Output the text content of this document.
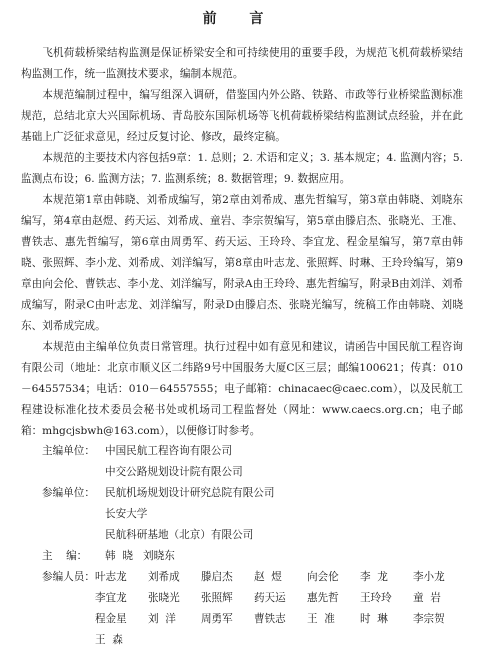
前 言

飞机荷载桥梁结构监测是保证桥梁安全和可持续使用的重要手段，为规范飞机荷载桥梁结构监测工作，统一监测技术要求，编制本规范。

本规范编制过程中，编写组深入调研，借鉴国内外公路、铁路、市政等行业桥梁监测标准规范，总结北京大兴国际机场、青岛胶东国际机场等飞机荷载桥梁结构监测试点经验，并在此基础上广泛征求意见，经过反复讨论、修改，最终定稿。

本规范的主要技术内容包括9章：1. 总则；2. 术语和定义；3. 基本规定；4. 监测内容；5. 监测点布设；6. 监测方法；7. 监测系统；8. 数据管理；9. 数据应用。

本规范第1章由韩晓、刘希成编写，第2章由刘希成、惠先哲编写，第3章由韩晓、刘晓东编写，第4章由赵煜、药天运、刘希成、童岩、李宗贺编写，第5章由滕启杰、张晓光、王准、曹铁志、惠先哲编写，第6章由周勇军、药天运、王玲玲、李宜龙、程金星编写，第7章由韩晓、张照辉、李小龙、刘希成、刘洋编写，第8章由叶志龙、张照辉、时琳、王玲玲编写，第9章由向会伦、曹铁志、李小龙、刘洋编写，附录A由王玲玲、惠先哲编写，附录B由刘洋、刘希成编写，附录C由叶志龙、刘洋编写，附录D由滕启杰、张晓光编写，统稿工作由韩晓、刘晓东、刘希成完成。

本规范由主编单位负责日常管理。执行过程中如有意见和建议，请函告中国民航工程咨询有限公司（地址：北京市顺义区二纬路9号中国服务大厦C区三层；邮编100621；传真：010－64557534；电话：010－64557555；电子邮箱：chinacaec@caec.com），以及民航工程建设标准化技术委员会秘书处或机场司工程监督处（网址：www.caecs.org.cn；电子邮箱：mhgcjsbwh@163.com），以便修订时参考。

主编单位： 中国民航工程咨询有限公司
中交公路规划设计院有限公司
参编单位： 民航机场规划设计研究总院有限公司
长安大学
民航科研基地（北京）有限公司
主    编：	韩  晓   刘晓东
参编人员： 叶志龙 刘希成 滕启杰 赵  煜 向会伦 李  龙 李小龙
李宜龙 张晓光 张照辉 药天运 惠先哲 王玲玲 童  岩
程金星 刘  洋 周勇军 曹铁志 王  准 时  琳 李宗贺
王  森
